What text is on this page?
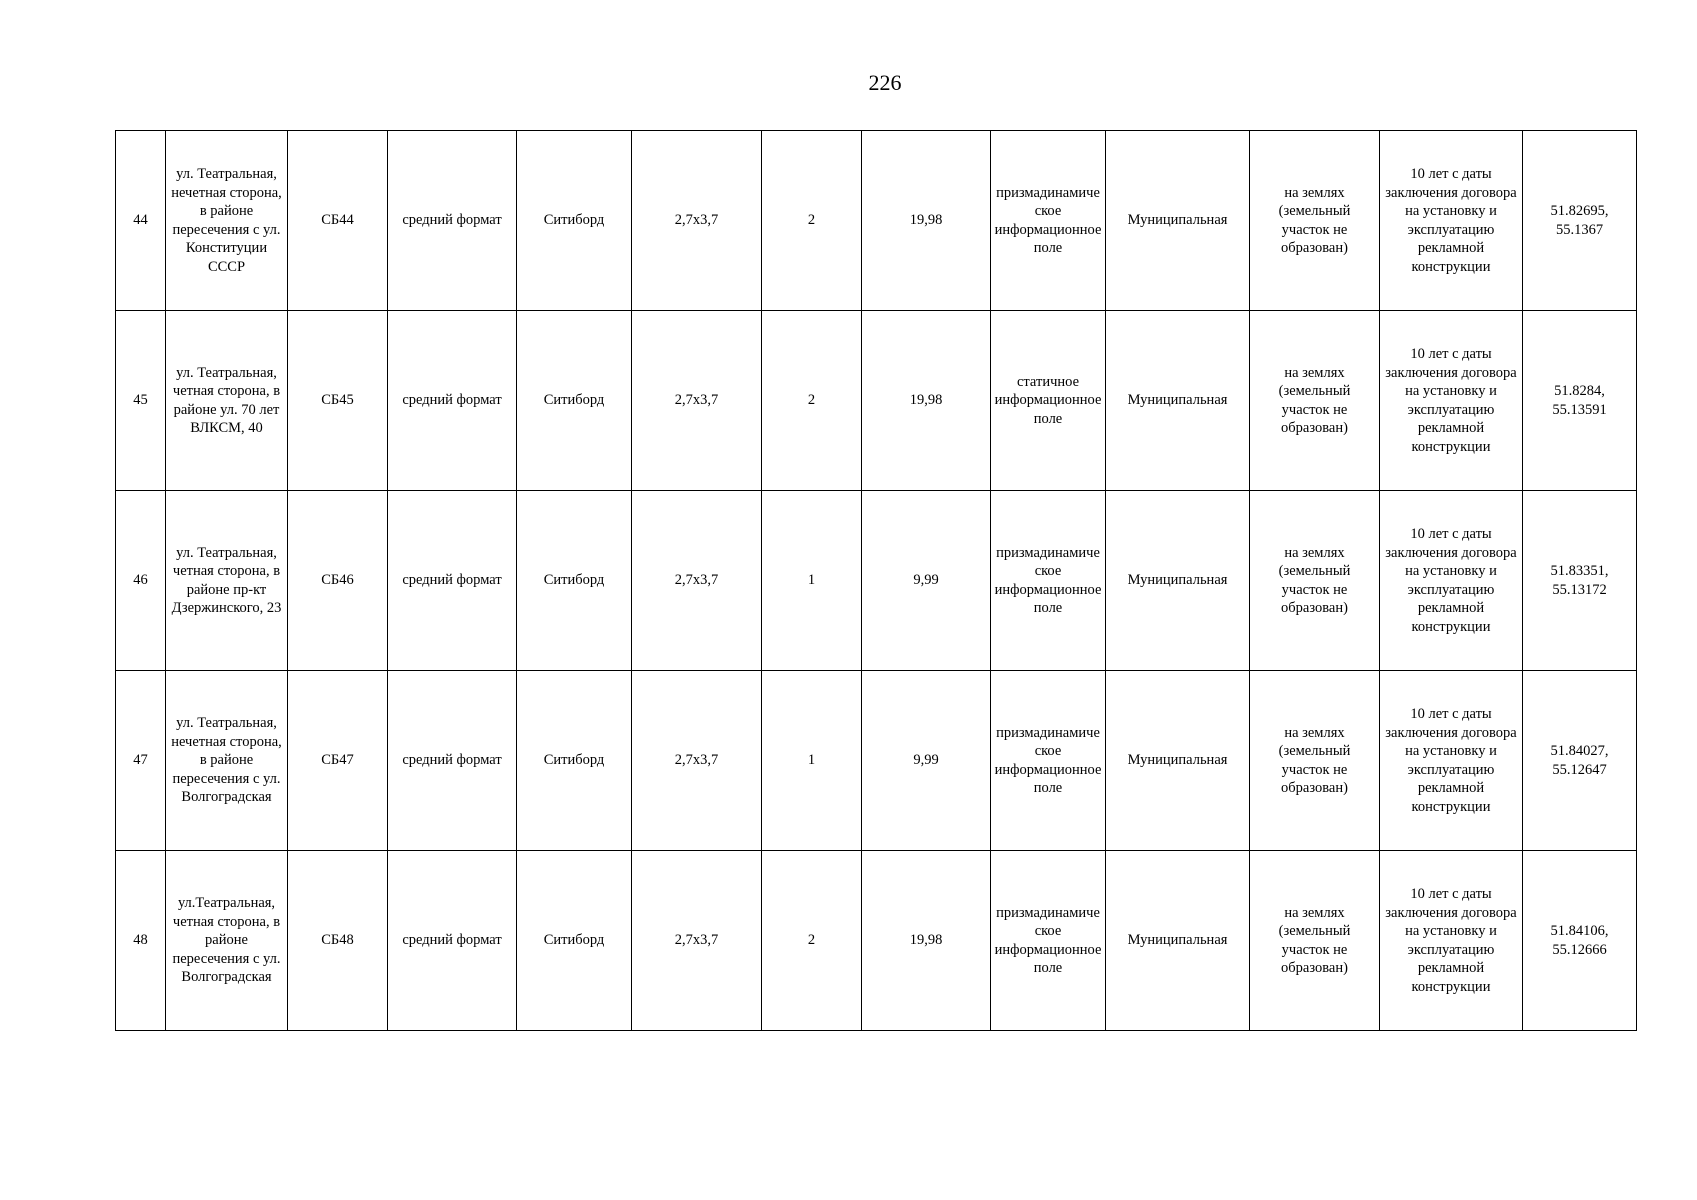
226
44	ул. Театральная, нечетная сторона, в районе пересечения с ул. Конституции СССР	СБ44	средний формат	Ситиборд	2,7х3,7	2	19,98	призмадинамическое информационное поле	Муниципальная	на землях (земельный участок не образован)	10 лет с даты заключения договора на установку и эксплуатацию рекламной конструкции	51.82695, 55.1367
45	ул. Театральная, четная сторона, в районе ул. 70 лет ВЛКСМ, 40	СБ45	средний формат	Ситиборд	2,7х3,7	2	19,98	статичное информационное поле	Муниципальная	на землях (земельный участок не образован)	10 лет с даты заключения договора на установку и эксплуатацию рекламной конструкции	51.8284, 55.13591
46	ул. Театральная, четная сторона, в районе пр-кт Дзержинского, 23	СБ46	средний формат	Ситиборд	2,7х3,7	1	9,99	призмадинамическое информационное поле	Муниципальная	на землях (земельный участок не образован)	10 лет с даты заключения договора на установку и эксплуатацию рекламной конструкции	51.83351, 55.13172
47	ул. Театральная, нечетная сторона, в районе пересечения с ул. Волгоградская	СБ47	средний формат	Ситиборд	2,7х3,7	1	9,99	призмадинамическое информационное поле	Муниципальная	на землях (земельный участок не образован)	10 лет с даты заключения договора на установку и эксплуатацию рекламной конструкции	51.84027, 55.12647
48	ул.Театральная, четная сторона, в районе пересечения с ул. Волгоградская	СБ48	средний формат	Ситиборд	2,7х3,7	2	19,98	призмадинамическое информационное поле	Муниципальная	на землях (земельный участок не образован)	10 лет с даты заключения договора на установку и эксплуатацию рекламной конструкции	51.84106, 55.12666
